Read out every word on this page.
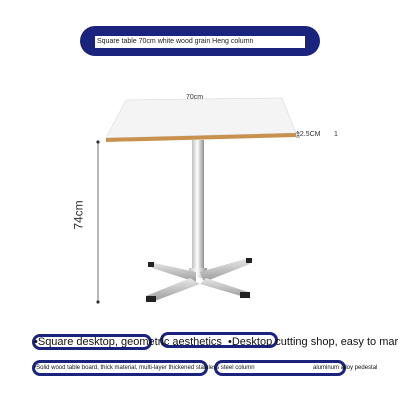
Square table 70cm white wood grain Heng column
70cm
12.5CM 1
74cm
•Square desktop, geometric aesthetics •Desktop cutting shop, easy to mar
•Solid wood table board, thick material, multi-layer thickened stainless steel column	aluminum alloy pedestal
